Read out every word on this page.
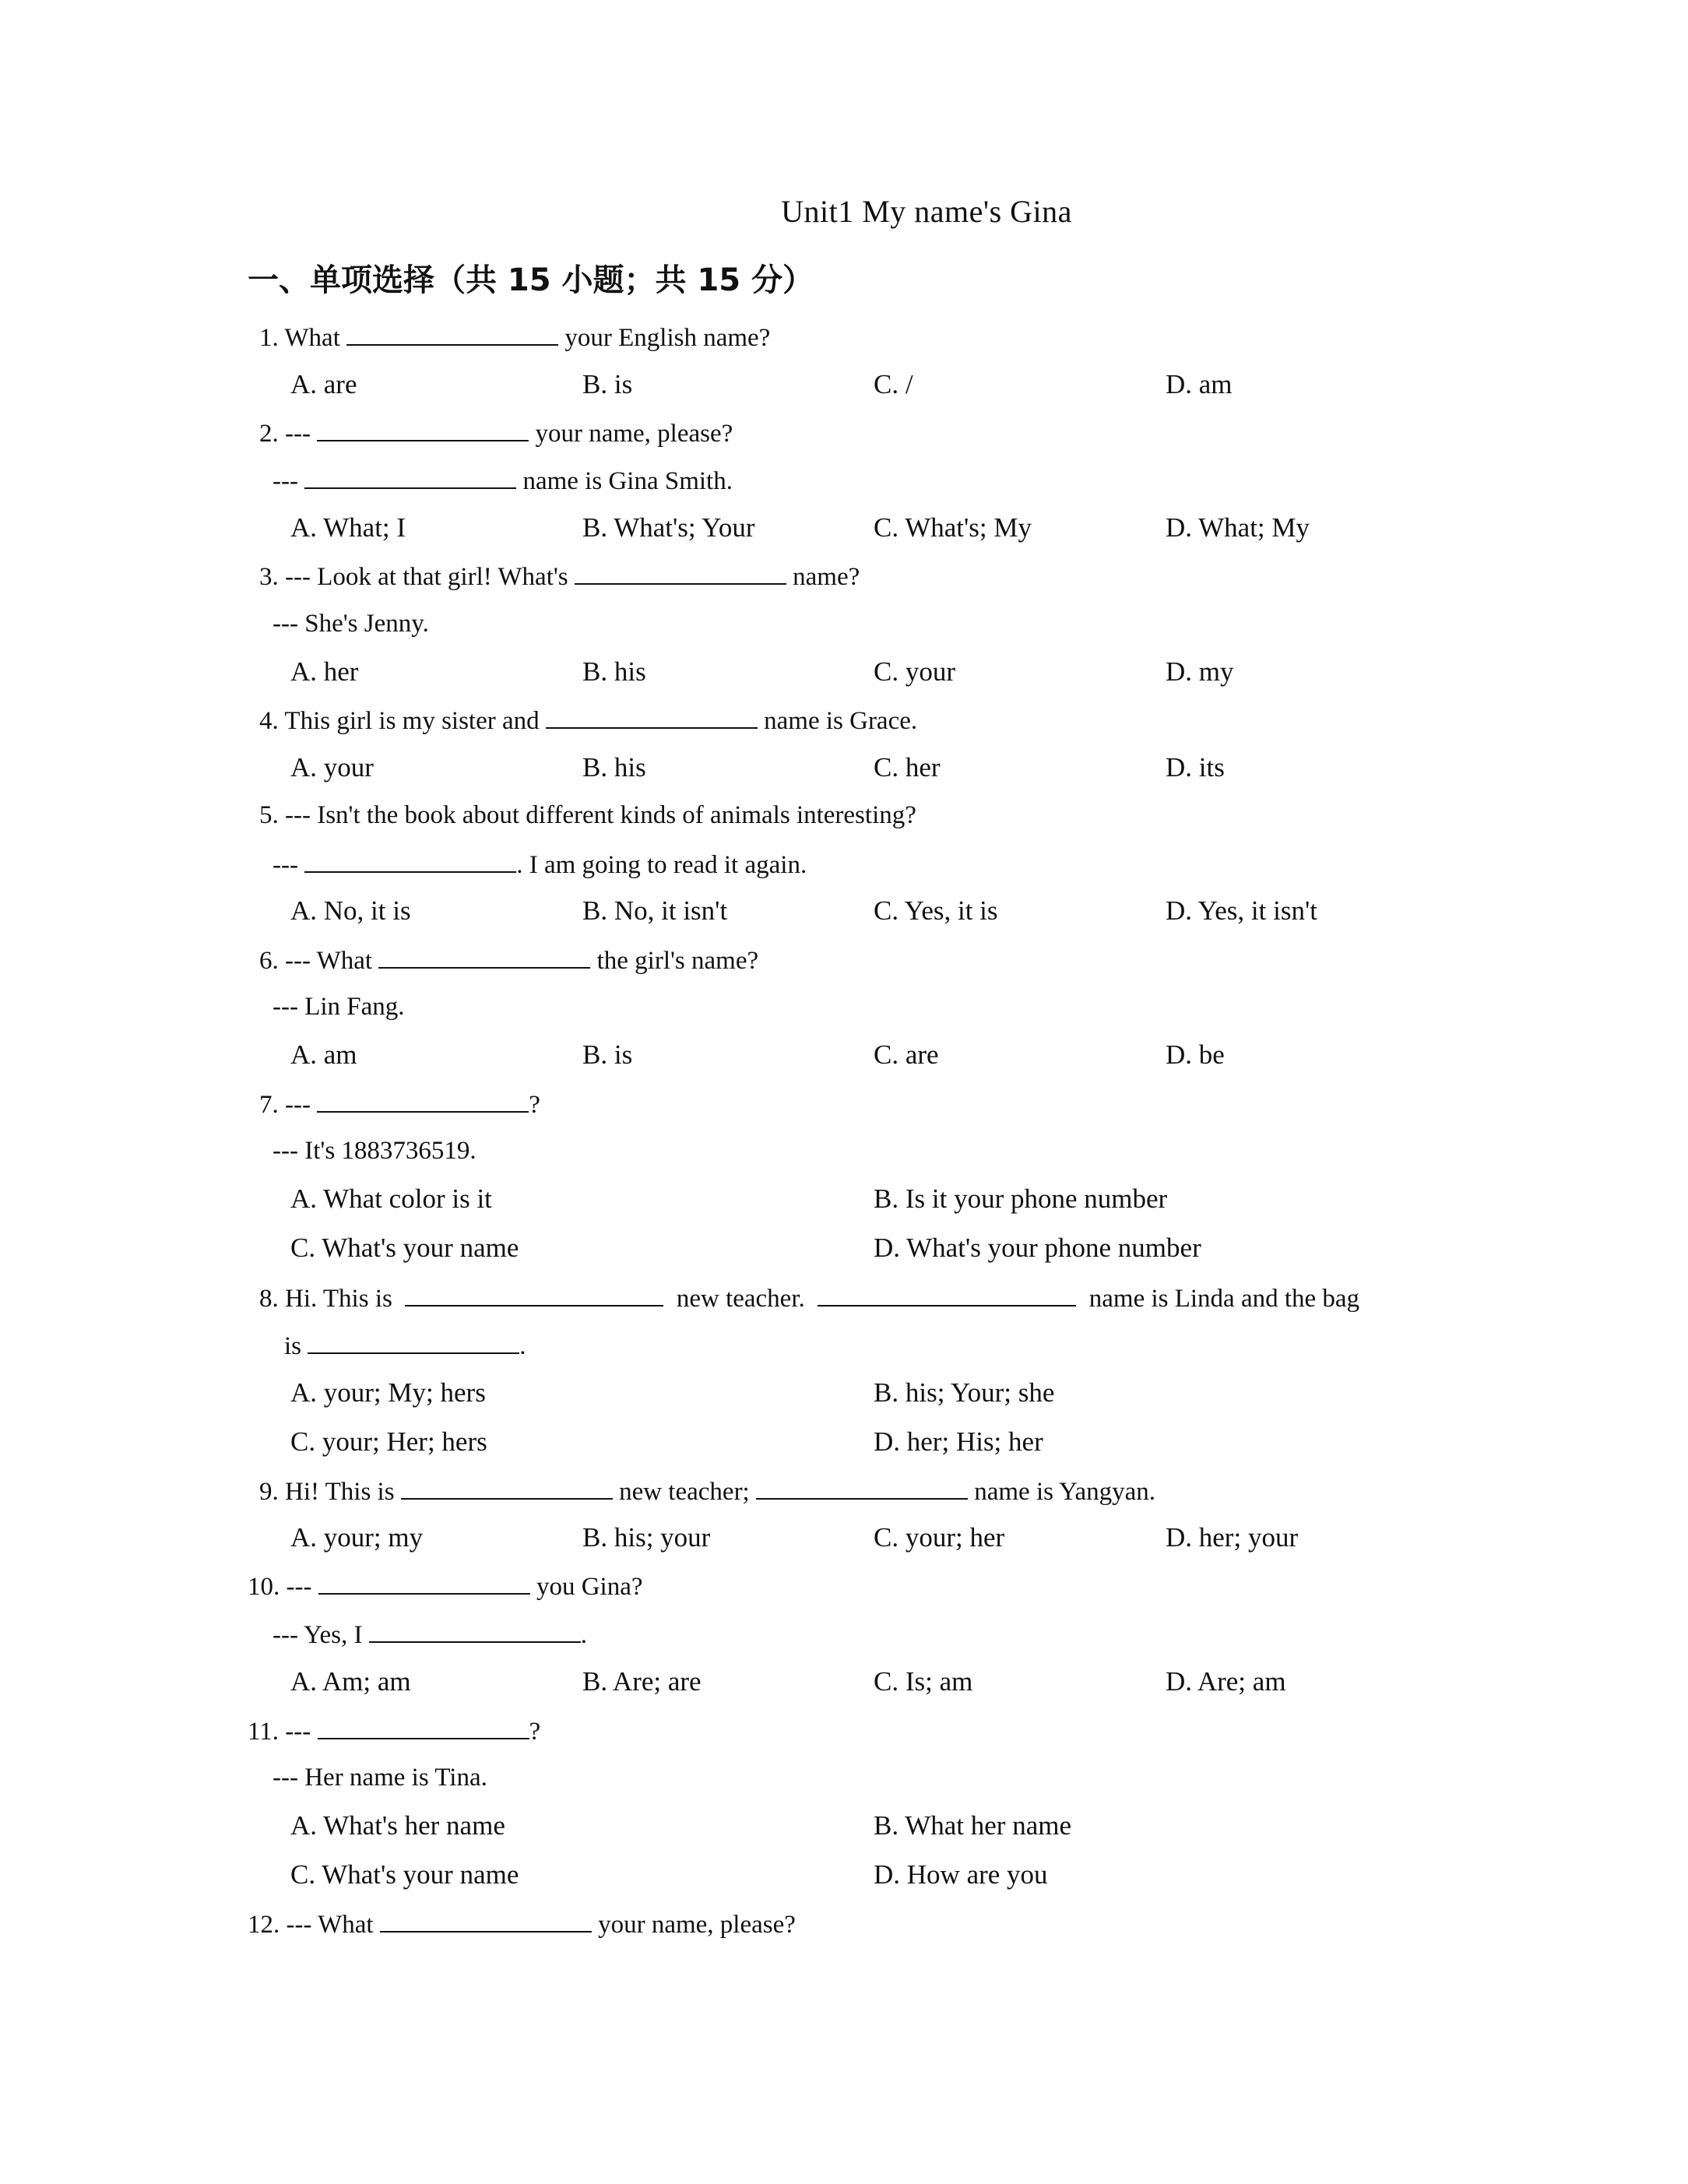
Unit1 My name's Gina
一、单项选择（共 15 小题；共 15 分）
1. What	your English name?
A. are	B. is	C. /	D. am
2. ---	your name, please?
---	name is Gina Smith.
A. What; I	B. What's; Your	C. What's; My	D. What; My
3. --- Look at that girl! What's	name?
--- She's Jenny.
A. her	B. his	C. your	D. my
4. This girl is my sister and	name is Grace.
A. your	B. his	C. her	D. its
5. --- Isn't the book about different kinds of animals interesting?
---	. I am going to read it again.
A. No, it is	B. No, it isn't	C. Yes, it is	D. Yes, it isn't
6. --- What	the girl's name?
--- Lin Fang.
A. am	B. is	C. are	D. be
7. ---	?
--- It's 1883736519.
A. What color is it	B. Is it your phone number
C. What's your name	D. What's your phone number
8. Hi. This is	new teacher.	name is Linda and the bag
is	.
A. your; My; hers	B. his; Your; she
C. your; Her; hers	D. her; His; her
9. Hi! This is	new teacher;	name is Yangyan.
A. your; my	B. his; your	C. your; her	D. her; your
10. ---	you Gina?
--- Yes, I	.
A. Am; am	B. Are; are	C. Is; am	D. Are; am
11. ---	?
--- Her name is Tina.
A. What's her name	B. What her name
C. What's your name	D. How are you
12. --- What	your name, please?
